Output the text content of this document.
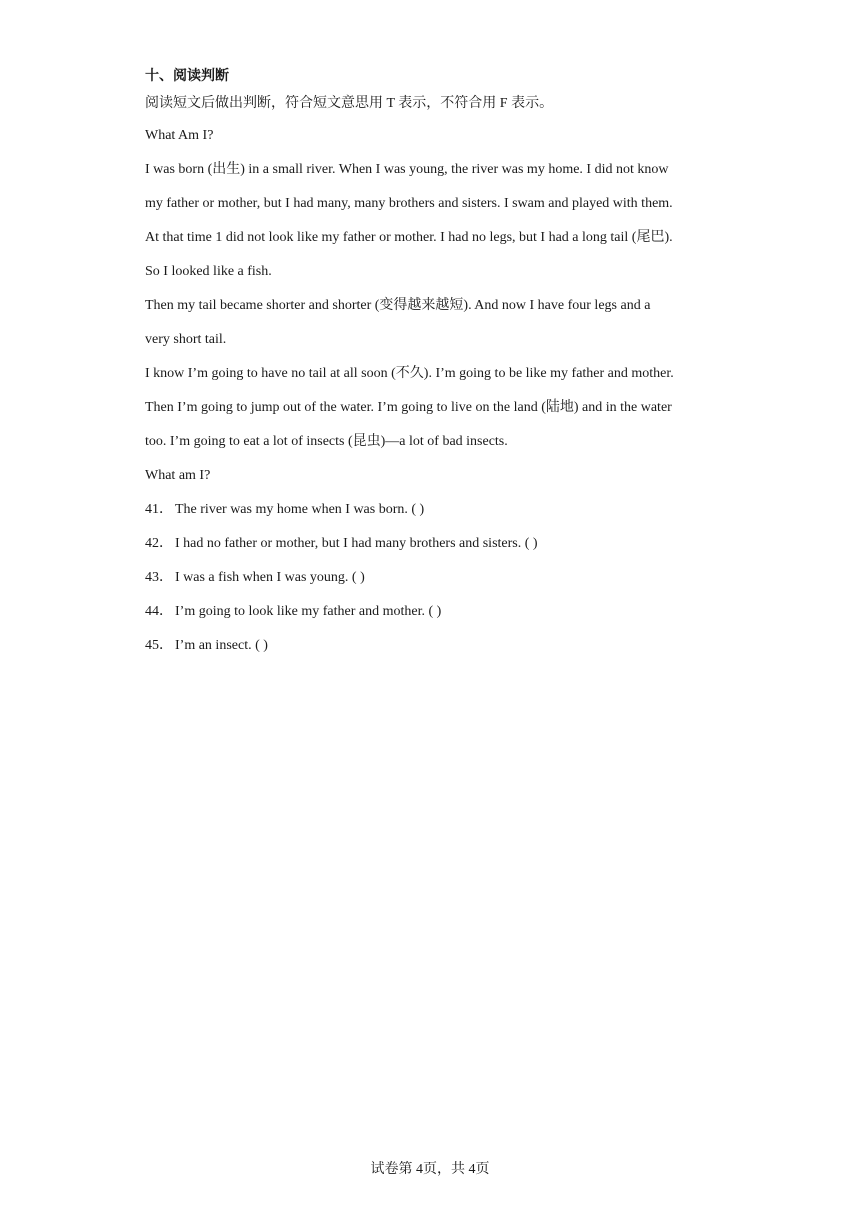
十、阅读判断
阅读短文后做出判断，符合短文意思用 T 表示，不符合用 F 表示。
What Am I?
I was born (出生) in a small river. When I was young, the river was my home. I did not know
my father or mother, but I had many, many brothers and sisters. I swam and played with them.
At that time 1 did not look like my father or mother. I had no legs, but I had a long tail (尾巴).
So I looked like a fish.
Then my tail became shorter and shorter (变得越来越短). And now I have four legs and a
very short tail.
I know I’m going to have no tail at all soon (不久). I’m going to be like my father and mother.
Then I’m going to jump out of the water. I’m going to live on the land (陆地) and in the water
too. I’m going to eat a lot of insects (昆虫)—a lot of bad insects.
What am I?
41． The river was my home when I was born. ( )
42． I had no father or mother, but I had many brothers and sisters. ( )
43． I was a fish when I was young. ( )
44． I’m going to look like my father and mother. ( )
45． I’m an insect. ( )
试卷第 4页，共 4页
